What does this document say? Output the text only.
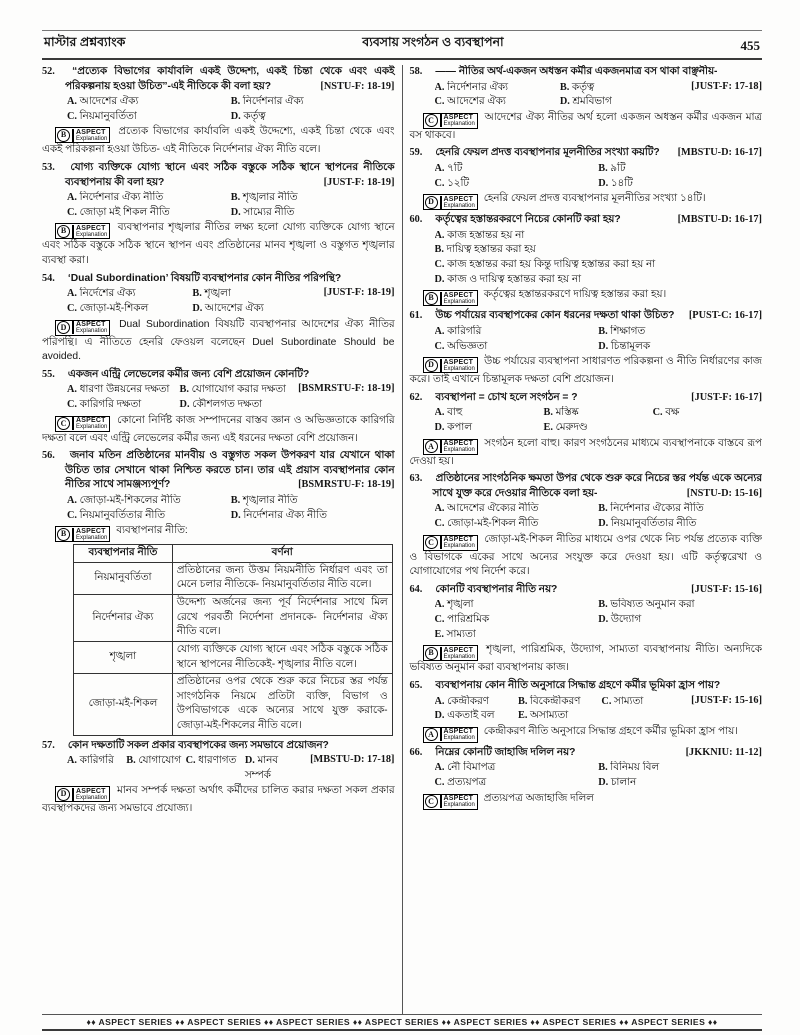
মাস্টার প্রশ্নব্যাংক	ব্যবসায় সংগঠন ও ব্যবস্থাপনা	455
52. “প্রত্যেক বিভাগের কার্যাবলি একই উদ্দেশ্য, একই চিন্তা থেকে এবং একই পরিকল্পনায় হওয়া উচিত”-এই নীতিকে কী বলা হয়?	[NSTU-F: 18-19]
A. আদেশের ঐক্য	B. নির্দেশনার ঐক্য
C. নিয়মানুবর্তিতা	D. কর্তৃত্ব
B	ASPECT
Explanation
প্রত্যেক বিভাগের কার্যাবলি একই উদ্দেশ্যে, একই চিন্তা থেকে এবং একই পরিকল্পনা হওয়া উচিত- এই নীতিকে নির্দেশনার ঐক্য নীতি বলে।
53. যোগ্য ব্যক্তিকে যোগ্য স্থানে এবং সঠিক বস্তুকে সঠিক স্থানে স্থাপনের নীতিকে ব্যবস্থাপনায় কী বলা হয়?	[JUST-F: 18-19]
A. নির্দেশনার ঐক্য নীতি	B. শৃঙ্খলার নীতি
C. জোড়া মই শিকল নীতি	D. সাম্যের নীতি
B	ASPECT
Explanation
ব্যবস্থাপনার শৃঙ্খলার নীতির লক্ষ্য হলো যোগ্য ব্যক্তিকে যোগ্য স্থানে এবং সঠিক বস্তুকে সঠিক স্থানে স্থাপন এবং প্রতিষ্ঠানের মানব শৃঙ্খলা ও বস্তুগত শৃঙ্খলার ব্যবস্থা করা।
54. ‘Dual Subordination’ বিষয়টি ব্যবস্থাপনার কোন নীতির পরিপন্থি?
[JUST-F: 18-19]
A. নির্দেশের ঐক্য	B. শৃঙ্খলা
C. জোড়া-মই-শিকল	D. আদেশের ঐক্য
D	ASPECT
Explanation
Dual Subordination বিষয়টি ব্যবস্থাপনার আদেশের ঐক্য নীতির পরিপন্থি। এ নীতিতে হেনরি ফেওয়ল বলেছেন Duel Subordinate Should be avoided.
55. একজন এন্ট্রি লেভেলের কর্মীর জন্য বেশি প্রয়োজন কোনটি?
[BSMRSTU-F: 18-19]
A. ধারণা উন্নয়নের দক্ষতা B. যোগাযোগ করার দক্ষতা
C. কারিগরি দক্ষতা	D. কৌশলগত দক্ষতা
C	ASPECT
Explanation
কোনো নির্দিষ্ট কাজ সম্পাদনের বাস্তব জ্ঞান ও অভিজ্ঞতাকে কারিগরি দক্ষতা বলে এবং এন্ট্রি লেভেলের কর্মীর জন্য এই ধরনের দক্ষতা বেশি প্রয়োজন।
56. জনাব মতিন প্রতিষ্ঠানের মানবীয় ও বস্তুগত সকল উপকরণ যার যেখানে থাকা উচিত তার সেখানে থাকা নিশ্চিত করতে চান। তার এই প্রয়াস ব্যবস্থাপনার কোন নীতির সাথে সামঞ্জস্যপূর্ণ?	[BSMRSTU-F: 18-19]
A. জোড়া-মই-শিকলের নীতি	B. শৃঙ্খলার নীতি
C. নিয়মানুবর্তিতার নীতি	D. নির্দেশনার ঐক্য নীতি
B	ASPECT
Explanation
ব্যবস্থাপনার নীতি:
ব্যবস্থাপনার নীতি	বর্ণনা
নিয়মানুবর্তিতা	প্রতিষ্ঠানের জন্য উত্তম নিয়মনীতি নির্ধারণ এবং তা মেনে চলার নীতিকে- নিয়মানুবর্তিতার নীতি বলে।
নির্দেশনার ঐক্য	উদ্দেশ্য অর্জনের জন্য পূর্ব নির্দেশনার সাথে মিল রেখে পরবর্তী নির্দেশনা প্রদানকে- নির্দেশনার ঐক্য নীতি বলে।
শৃঙ্খলা	যোগ্য ব্যক্তিকে যোগ্য স্থানে এবং সঠিক বস্তুকে সঠিক স্থানে স্থাপনের নীতিকেই- শৃঙ্খলার নীতি বলে।
জোড়া-মই-শিকল	প্রতিষ্ঠানের ওপর থেকে শুরু করে নিচের স্তর পর্যন্ত সাংগঠনিক নিয়মে প্রতিটা ব্যক্তি, বিভাগ ও উপবিভাগকে একে অন্যের সাথে যুক্ত করাকে- জোড়া-মই-শিকলের নীতি বলে।
57. কোন দক্ষতাটি সকল প্রকার ব্যবস্থাপকের জন্য সমভাবে প্রয়োজন?
[MBSTU-D: 17-18]
A. কারিগরি	B. যোগাযোগ C. ধারণাগত D. মানব সম্পর্ক
D	ASPECT
Explanation
মানব সম্পর্ক দক্ষতা অর্থাৎ কর্মীদের চালিত করার দক্ষতা সকল প্রকার ব্যবস্থাপকদের জন্য সমভাবে প্রযোজ্য।
58. —— নীতির অর্থ-একজন অধস্তন কর্মীর একজনমাত্র বস থাকা বাঞ্ছনীয়-
[JUST-F: 17-18]
A. নির্দেশনার ঐক্য	B. কর্তৃত্ব
C. আদেশের ঐক্য	D. শ্রমবিভাগ
C	ASPECT
Explanation
আদেশের ঐক্য নীতির অর্থ হলো একজন অধস্তন কর্মীর একজন মাত্র বস থাকবে।
59. হেনরি ফেয়ল প্রদত্ত ব্যবস্থাপনার মূলনীতির সংখ্যা কয়টি?	[MBSTU-D: 16-17]
A. ৭টি	B. ৯টি
C. ১২টি	D. ১৪টি
D	ASPECT
Explanation
হেনরি ফেয়ল প্রদত্ত ব্যবস্থাপনার মূলনীতির সংখ্যা ১৪টি।
60. কর্তৃত্বের হস্তান্তরকরণে নিচের কোনটি করা হয়?	[MBSTU-D: 16-17]
A. কাজ হস্তান্তর হয় না
B. দায়িত্ব হস্তান্তর করা হয়
C. কাজ হস্তান্তর করা হয় কিন্তু দায়িত্ব হস্তান্তর করা হয় না
D. কাজ ও দায়িত্ব হস্তান্তর করা হয় না
B	ASPECT
Explanation
কর্তৃত্বের হস্তান্তরকরণে দায়িত্ব হস্তান্তর করা হয়।
61. উচ্চ পর্যায়ের ব্যবস্থাপকের কোন ধরনের দক্ষতা থাকা উচিত?	[PUST-C: 16-17]
A. কারিগরি	B. শিক্ষাগত
C. অভিজ্ঞতা	D. চিন্তামূলক
D	ASPECT
Explanation
উচ্চ পর্যায়ের ব্যবস্থাপনা সাধারণত পরিকল্পনা ও নীতি নির্ধারণের কাজ করে। তাই এখানে চিন্তামূলক দক্ষতা বেশি প্রয়োজন।
62. ব্যবস্থাপনা = চোখ হলে সংগঠন = ?	[JUST-F: 16-17]
A. বাহু	B. মস্তিষ্ক	C. বক্ষ
D. কপাল	E. মেরুদণ্ড
A	ASPECT
Explanation
সংগঠন হলো বাহু। কারণ সংগঠনের মাধ্যমে ব্যবস্থাপনাকে বাস্তবে রূপ দেওয়া হয়।
63. প্রতিষ্ঠানের সাংগঠনিক ক্ষমতা উপর থেকে শুরু করে নিচের স্তর পর্যন্ত একে অন্যের সাথে যুক্ত করে দেওয়ার নীতিকে বলা হয়-	[NSTU-D: 15-16]
A. আদেশের ঐক্যের নীতি	B. নির্দেশনার ঐক্যের নীতি
C. জোড়া-মই-শিকল নীতি	D. নিয়মানুবর্তিতার নীতি
C	ASPECT
Explanation
জোড়া-মই-শিকল নীতির মাধ্যমে ওপর থেকে নিচ পর্যন্ত প্রত্যেক ব্যক্তি ও বিভাগকে একের সাথে অন্যের সংযুক্ত করে দেওয়া হয়। এটি কর্তৃত্বরেখা ও যোগাযোগের পথ নির্দেশ করে।
64. কোনটি ব্যবস্থাপনার নীতি নয়?	[JUST-F: 15-16]
A. শৃঙ্খলা	B. ভবিষ্যত অনুমান করা
C. পারিশ্রমিক	D. উদ্যোগ
E. সাম্যতা
B	ASPECT
Explanation
শৃঙ্খলা, পারিশ্রমিক, উদ্যোগ, সাম্যতা ব্যবস্থাপনায় নীতি। অন্যদিকে ভবিষ্যত অনুমান করা ব্যবস্থাপনায় কাজ।
65. ব্যবস্থাপনায় কোন নীতি অনুসারে সিদ্ধান্ত গ্রহণে কর্মীর ভূমিকা হ্রাস পায়?
[JUST-F: 15-16]
A. কেন্দ্রীকরণ	B. বিকেন্দ্রীকরণ	C. সাম্যতা
D. একতাই বল	E. অসাম্যতা
A	ASPECT
Explanation
কেন্দ্রীকরণ নীতি অনুসারে সিদ্ধান্ত গ্রহণে কর্মীর ভূমিকা হ্রাস পায়।
66. নিম্নের কোনটি জাহাজি দলিল নয়?	[JKKNIU: 11-12]
A. নৌ বিমাপত্র	B. বিনিময় বিল
C. প্রত্যয়পত্র	D. চালান
C	ASPECT
Explanation
প্রত্যয়পত্র অজাহাজি দলিল
♦♦ ASPECT SERIES ♦♦ ASPECT SERIES ♦♦ ASPECT SERIES ♦♦ ASPECT SERIES ♦♦ ASPECT SERIES ♦♦ ASPECT SERIES ♦♦ ASPECT SERIES ♦♦
